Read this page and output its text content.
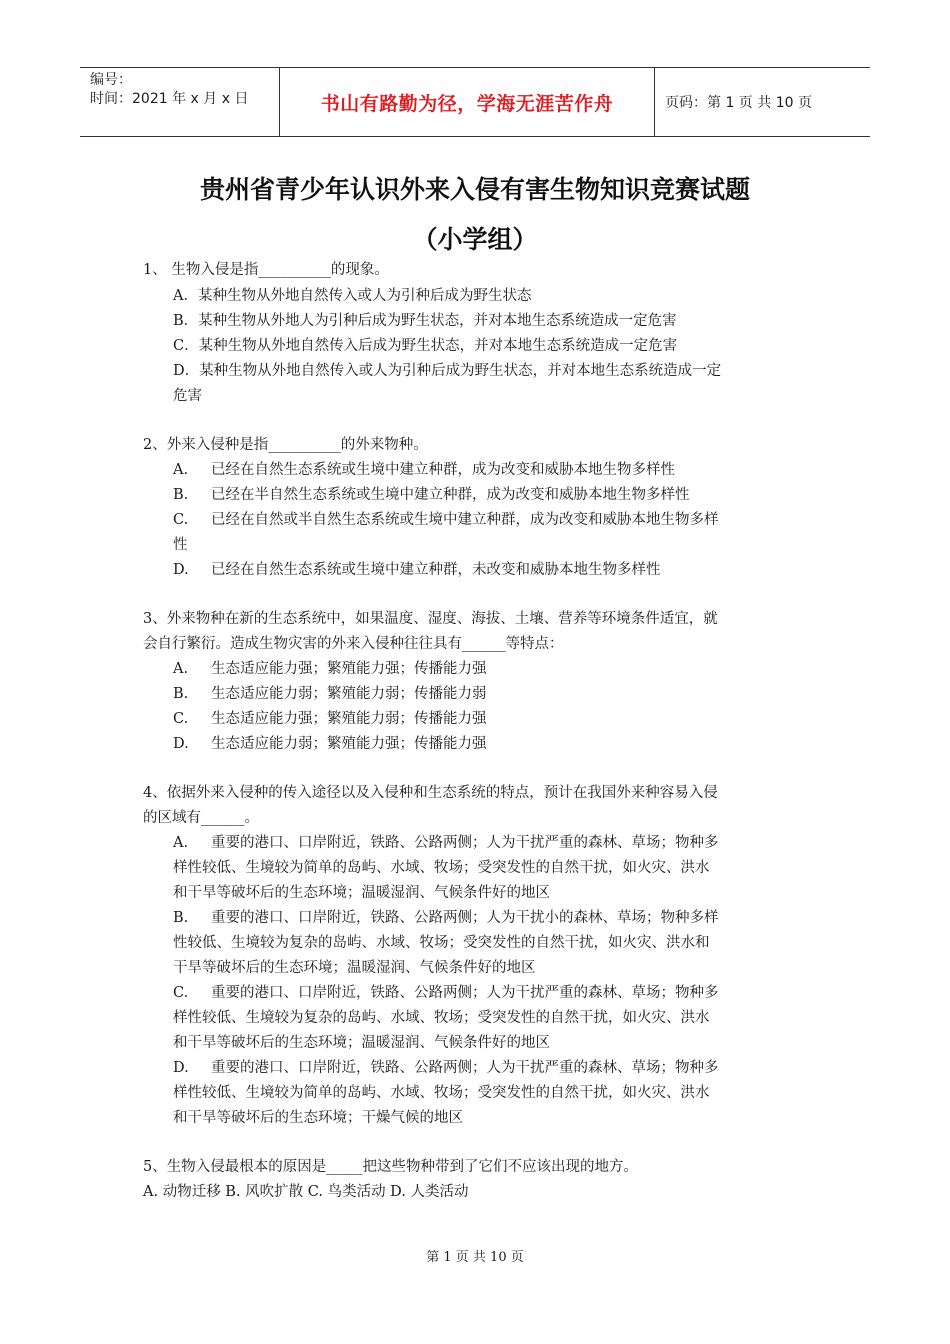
编号：
时间：2021 年 x 月 x 日	书山有路勤为径，学海无涯苦作舟	页码：第 1 页 共 10 页
贵州省青少年认识外来入侵有害生物知识竞赛试题
（小学组）
1、 生物入侵是指__________的现象。
A．某种生物从外地自然传入或人为引种后成为野生状态
B．某种生物从外地人为引种后成为野生状态，并对本地生态系统造成一定危害
C．某种生物从外地自然传入后成为野生状态，并对本地生态系统造成一定危害
D．某种生物从外地自然传入或人为引种后成为野生状态，并对本地生态系统造成一定
危害
2、外来入侵种是指__________的外来物种。
A. 已经在自然生态系统或生境中建立种群，成为改变和威胁本地生物多样性
B. 已经在半自然生态系统或生境中建立种群，成为改变和威胁本地生物多样性
C. 已经在自然或半自然生态系统或生境中建立种群，成为改变和威胁本地生物多样
性
D. 已经在自然生态系统或生境中建立种群，未改变和威胁本地生物多样性
3、外来物种在新的生态系统中，如果温度、湿度、海拔、土壤、营养等环境条件适宜，就
会自行繁衍。造成生物灾害的外来入侵种往往具有______等特点：
A. 生态适应能力强；繁殖能力强；传播能力强
B. 生态适应能力弱；繁殖能力弱；传播能力弱
C. 生态适应能力强；繁殖能力弱；传播能力强
D. 生态适应能力弱；繁殖能力强；传播能力强
4、依据外来入侵种的传入途径以及入侵种和生态系统的特点，预计在我国外来种容易入侵
的区域有______。
A. 重要的港口、口岸附近，铁路、公路两侧；人为干扰严重的森林、草场；物种多
样性较低、生境较为简单的岛屿、水域、牧场；受突发性的自然干扰，如火灾、洪水
和干旱等破坏后的生态环境；温暖湿润、气候条件好的地区
B. 重要的港口、口岸附近，铁路、公路两侧；人为干扰小的森林、草场；物种多样
性较低、生境较为复杂的岛屿、水域、牧场；受突发性的自然干扰，如火灾、洪水和
干旱等破坏后的生态环境；温暖湿润、气候条件好的地区
C. 重要的港口、口岸附近，铁路、公路两侧；人为干扰严重的森林、草场；物种多
样性较低、生境较为复杂的岛屿、水域、牧场；受突发性的自然干扰，如火灾、洪水
和干旱等破坏后的生态环境；温暖湿润、气候条件好的地区
D. 重要的港口、口岸附近，铁路、公路两侧；人为干扰严重的森林、草场；物种多
样性较低、生境较为简单的岛屿、水域、牧场；受突发性的自然干扰，如火灾、洪水
和干旱等破坏后的生态环境；干燥气候的地区
5、生物入侵最根本的原因是_____把这些物种带到了它们不应该出现的地方。
A. 动物迁移 B. 风吹扩散 C. 鸟类活动 D. 人类活动
第 1 页 共 10 页
